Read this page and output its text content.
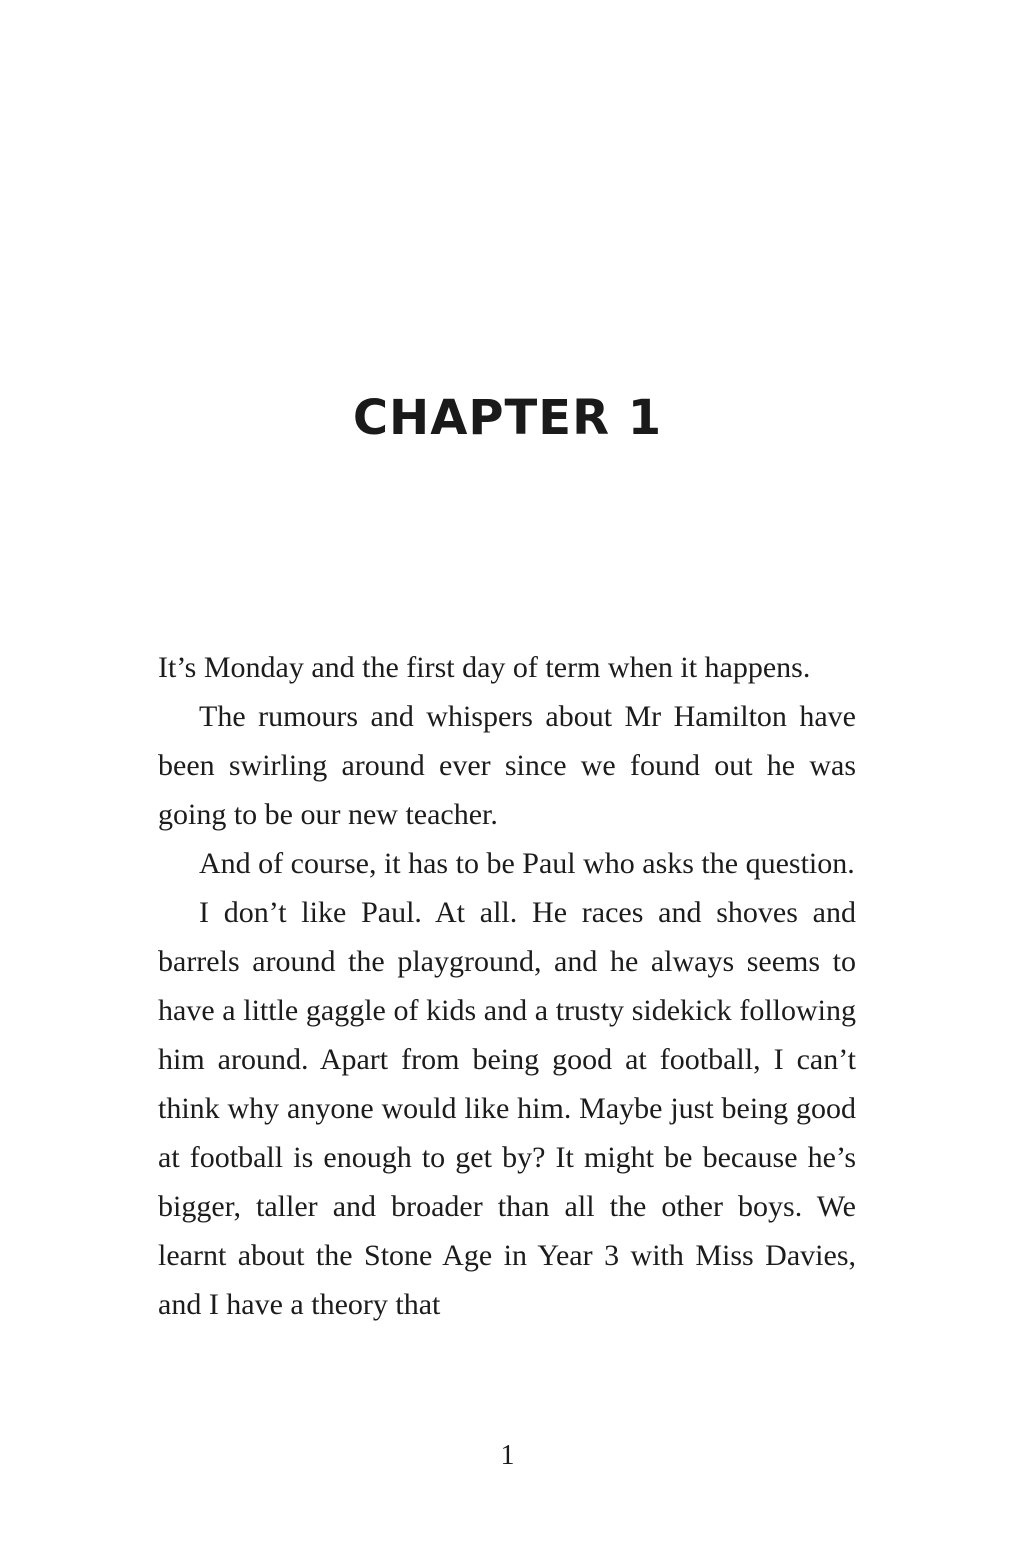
CHAPTER 1

It’s Monday and the first day of term when it happens.

The rumours and whispers about Mr Hamilton have been swirling around ever since we found out he was going to be our new teacher.

And of course, it has to be Paul who asks the question.

I don’t like Paul. At all. He races and shoves and barrels around the playground, and he always seems to have a little gaggle of kids and a trusty sidekick following him around. Apart from being good at football, I can’t think why anyone would like him. Maybe just being good at football is enough to get by? It might be because he’s bigger, taller and broader than all the other boys. We learnt about the Stone Age in Year 3 with Miss Davies, and I have a theory that

1
